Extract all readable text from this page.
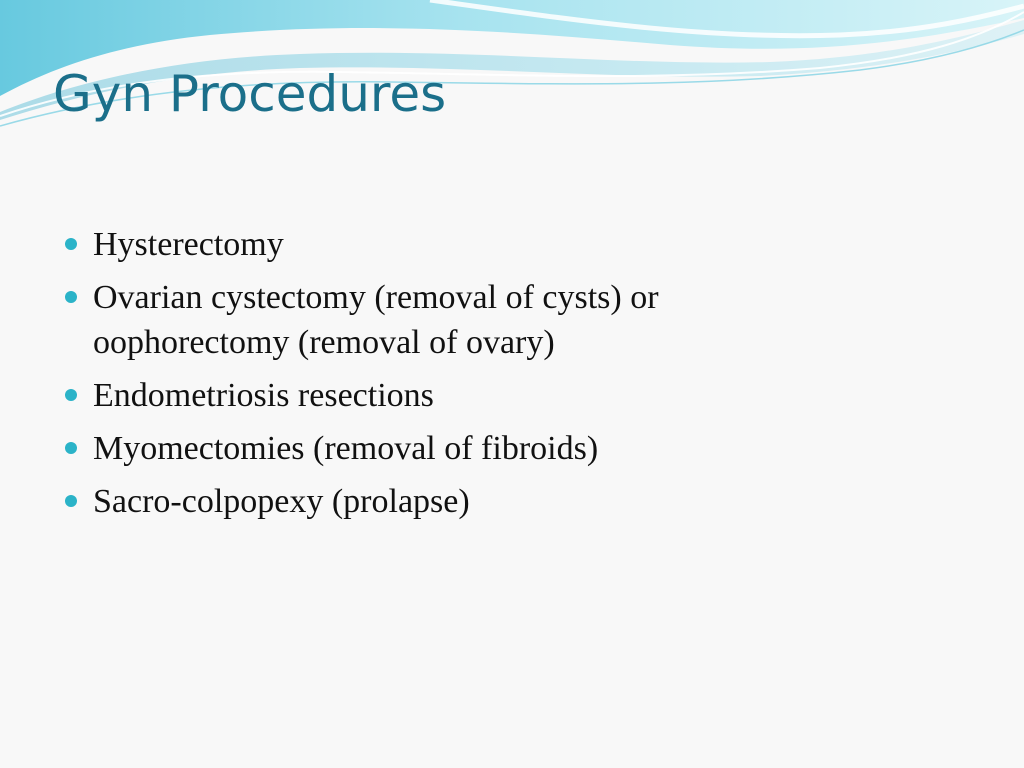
Gyn Procedures
Hysterectomy
Ovarian cystectomy (removal of cysts) or oophorectomy (removal of ovary)
Endometriosis resections
Myomectomies (removal of fibroids)
Sacro-colpopexy (prolapse)
